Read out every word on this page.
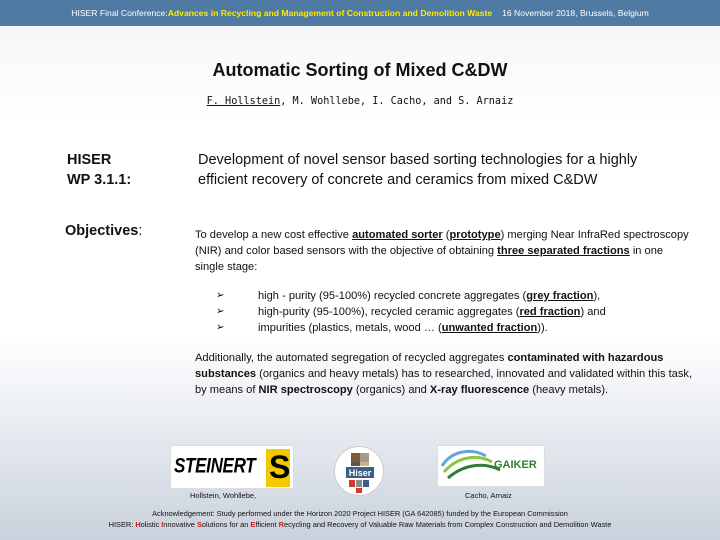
HISER Final Conference: Advances in Recycling and Management of Construction and Demolition Waste 16 November 2018, Brussels, Belgium
Automatic Sorting of Mixed C&DW
F. Hollstein, M. Wohllebe, I. Cacho, and S. Arnaiz
HISER
WP 3.1.1:
Development of novel sensor based sorting technologies for a highly efficient recovery of concrete and ceramics from mixed C&DW
Objectives:	To develop a new cost effective automated sorter (prototype) merging Near InfraRed spectroscopy (NIR) and color based sensors with the objective of obtaining three separated fractions in one single stage:
➢	high - purity (95-100%) recycled concrete aggregates (grey fraction),
➢	high-purity (95-100%), recycled ceramic aggregates (red fraction) and
➢	impurities (plastics, metals, wood … (unwanted fraction)).
Additionally, the automated segregation of recycled aggregates contaminated with hazardous substances (organics and heavy metals) has to researched, innovated and validated within this task, by means of NIR spectroscopy (organics) and X-ray fluorescence (heavy metals).
STEINERT
S	Hiser
GAIKER
Hollstein, Wohllebe,	Cacho, Arnaiz
Acknowledgement: Study performed under the Horizon 2020 Project HISER (GA 642085) funded by the European Commission
HISER: Holistic Innovative Solutions for an Efficient Recycling and Recovery of Valuable Raw Materials from Complex Construction and Demolition Waste
